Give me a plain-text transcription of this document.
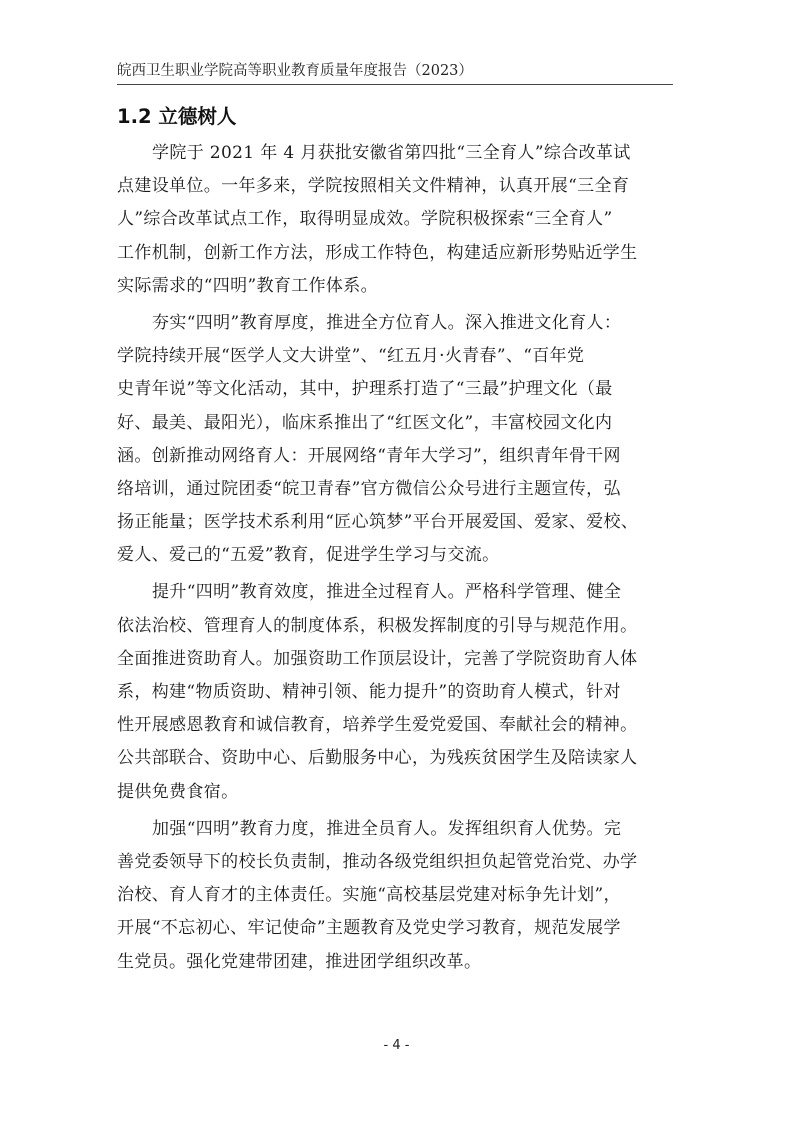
皖西卫生职业学院高等职业教育质量年度报告（2023）
1.2 立德树人
学院于 2021 年 4 月获批安徽省第四批“三全育人”综合改革试
点建设单位。一年多来，学院按照相关文件精神，认真开展“三全育
人”综合改革试点工作，取得明显成效。学院积极探索“三全育人”
工作机制，创新工作方法，形成工作特色，构建适应新形势贴近学生
实际需求的“四明”教育工作体系。
夯实“四明”教育厚度，推进全方位育人。深入推进文化育人：
学院持续开展“医学人文大讲堂”、“红五月·火青春”、“百年党
史青年说”等文化活动，其中，护理系打造了“三最”护理文化（最
好、最美、最阳光），临床系推出了“红医文化”，丰富校园文化内
涵。创新推动网络育人：开展网络“青年大学习”，组织青年骨干网
络培训，通过院团委“皖卫青春”官方微信公众号进行主题宣传，弘
扬正能量；医学技术系利用“匠心筑梦”平台开展爱国、爱家、爱校、
爱人、爱己的“五爱”教育，促进学生学习与交流。
提升“四明”教育效度，推进全过程育人。严格科学管理、健全
依法治校、管理育人的制度体系，积极发挥制度的引导与规范作用。
全面推进资助育人。加强资助工作顶层设计，完善了学院资助育人体
系，构建“物质资助、精神引领、能力提升”的资助育人模式，针对
性开展感恩教育和诚信教育，培养学生爱党爱国、奉献社会的精神。
公共部联合、资助中心、后勤服务中心，为残疾贫困学生及陪读家人
提供免费食宿。
加强“四明”教育力度，推进全员育人。发挥组织育人优势。完
善党委领导下的校长负责制，推动各级党组织担负起管党治党、办学
治校、育人育才的主体责任。实施“高校基层党建对标争先计划”，
开展“不忘初心、牢记使命”主题教育及党史学习教育，规范发展学
生党员。强化党建带团建，推进团学组织改革。
- 4 -
